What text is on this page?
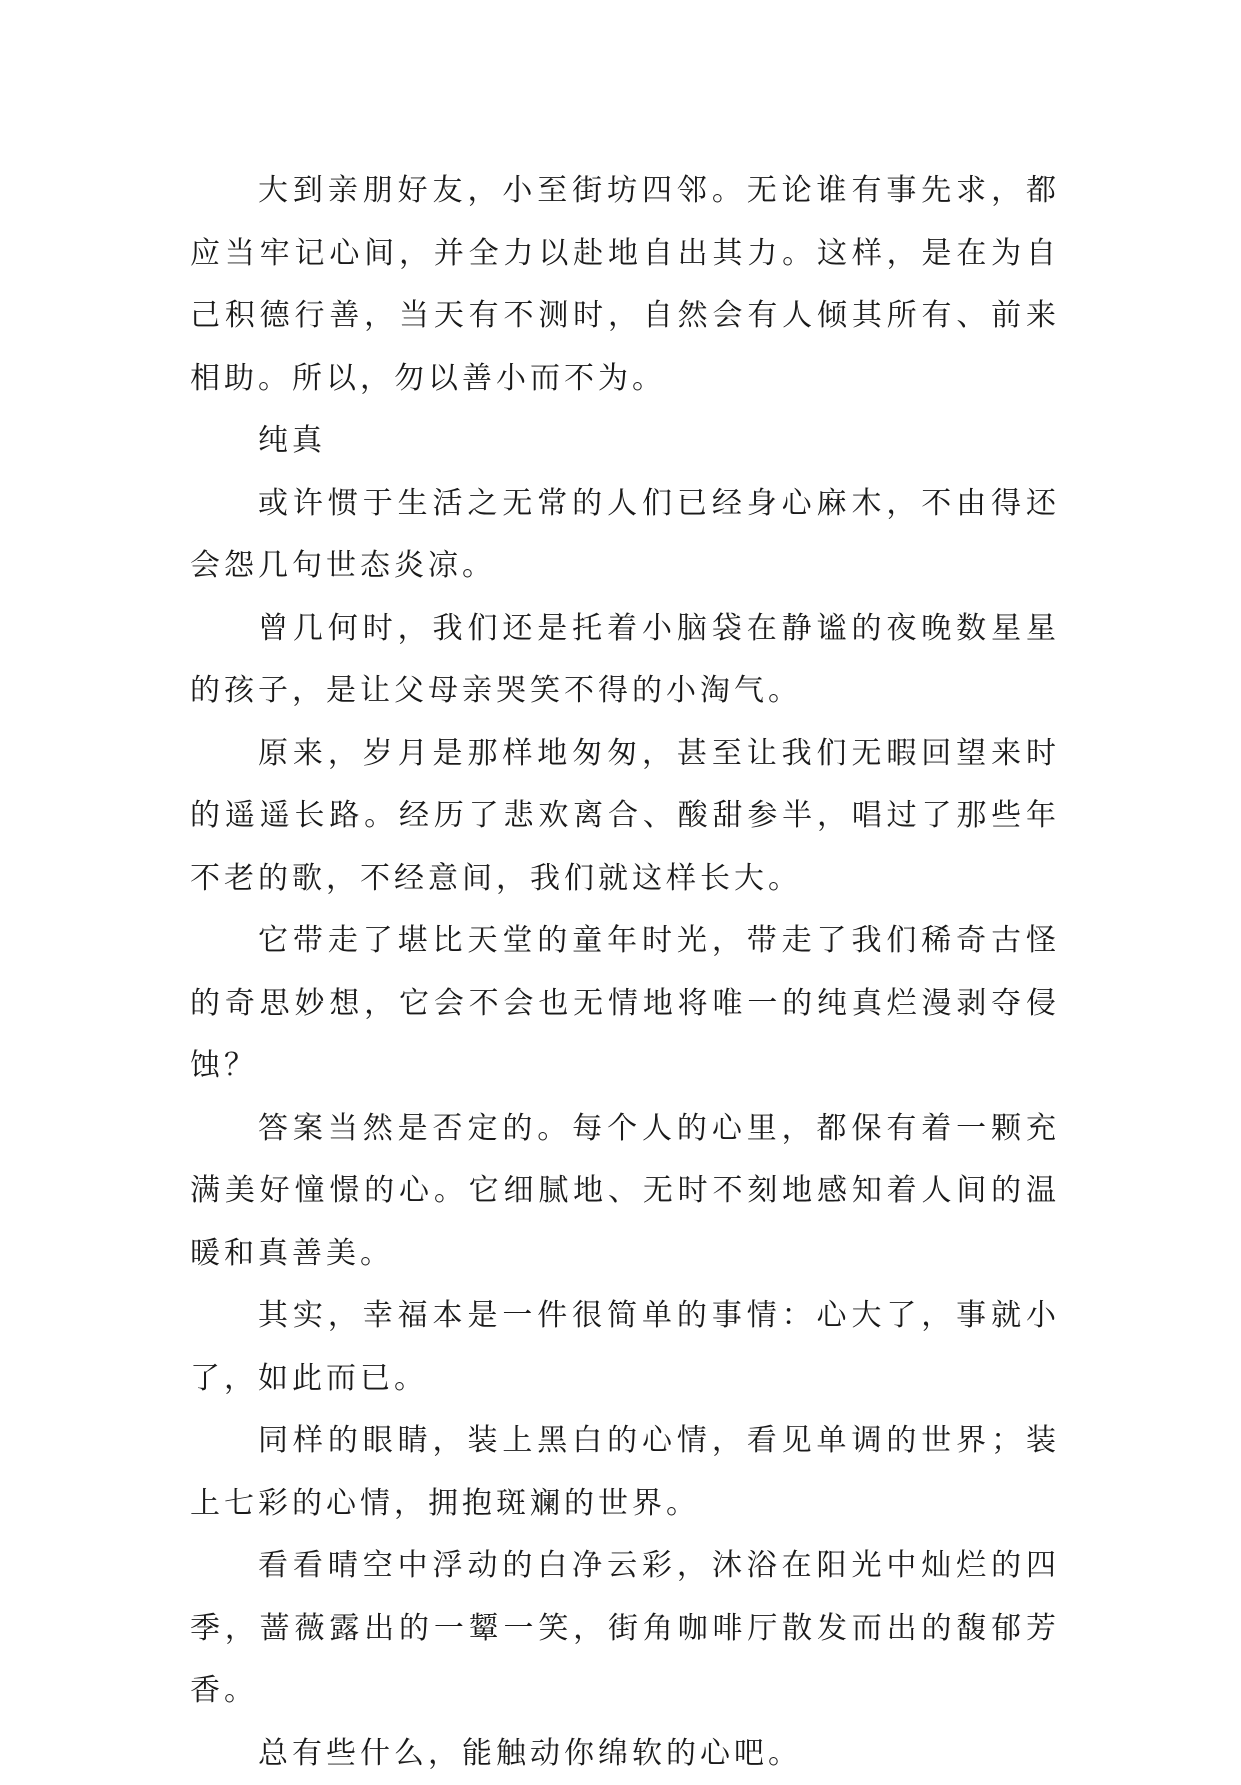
大到亲朋好友，小至街坊四邻。无论谁有事先求，都应当牢记心间，并全力以赴地自出其力。这样，是在为自己积德行善，当天有不测时，自然会有人倾其所有、前来相助。所以，勿以善小而不为。

纯真

或许惯于生活之无常的人们已经身心麻木，不由得还会怨几句世态炎凉。

曾几何时，我们还是托着小脑袋在静谧的夜晚数星星的孩子，是让父母亲哭笑不得的小淘气。

原来，岁月是那样地匆匆，甚至让我们无暇回望来时的遥遥长路。经历了悲欢离合、酸甜参半，唱过了那些年不老的歌，不经意间，我们就这样长大。

它带走了堪比天堂的童年时光，带走了我们稀奇古怪的奇思妙想，它会不会也无情地将唯一的纯真烂漫剥夺侵蚀？

答案当然是否定的。每个人的心里，都保有着一颗充满美好憧憬的心。它细腻地、无时不刻地感知着人间的温暖和真善美。

其实，幸福本是一件很简单的事情：心大了，事就小了，如此而已。

同样的眼睛，装上黑白的心情，看见单调的世界；装上七彩的心情，拥抱斑斓的世界。

看看晴空中浮动的白净云彩，沐浴在阳光中灿烂的四季，蔷薇露出的一颦一笑，街角咖啡厅散发而出的馥郁芳香。

总有些什么，能触动你绵软的心吧。
